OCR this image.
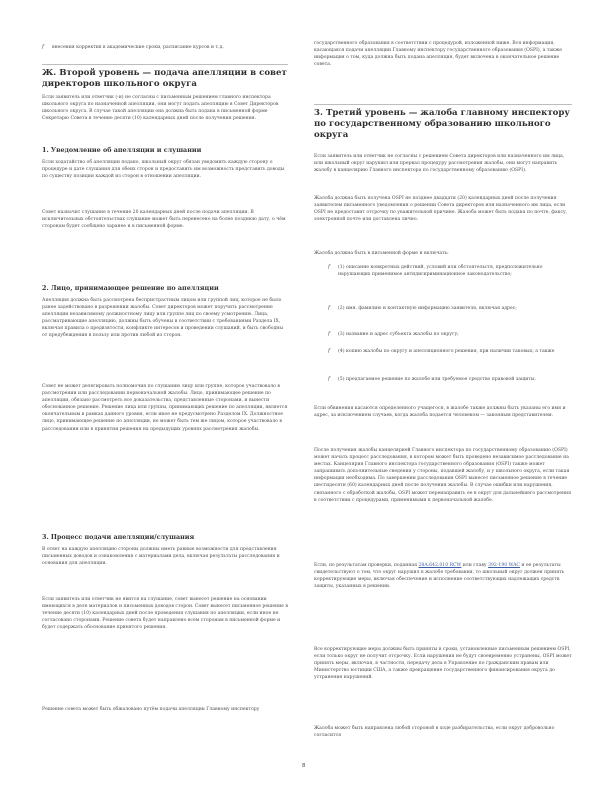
f	внесения корректив в академические сроки, расписание курсов и т.д.
Ж. Второй уровень — подача апелляции в совет директоров школьного округа

Если заявитель или ответчик (-и) не согласны с письменным решением главного инспектора школьного округа по назначенной апелляции, они могут подать апелляцию в Совет Директоров школьного округа. В случае такой апелляции она должна быть подана в письменной форме Секретарю Совета в течение десяти (10) календарных дней после получения решения.

1. Уведомление об апелляции и слушании

Если ходатайство об апелляции подано, школьный округ обязан уведомить каждую сторону о процедуре и дате слушания для обеих сторон и предоставить им возможность представить доводы по существу позиции каждой из сторон в отношении апелляции.

Совет назначит слушание в течение 20 календарных дней после подачи апелляции. В исключительных обстоятельствах слушание может быть перенесено на более позднюю дату, о чём сторонам будет сообщено заранее и в письменной форме.

2. Лицо, принимающее решение по апелляции

Апелляция должна быть рассмотрена беспристрастным лицом или группой лиц, которое не было ранее задействовано в разрешении жалобы. Совет директоров может поручить рассмотрение апелляции независимому должностному лицу или группе лиц по своему усмотрению. Лица, рассматривающие апелляцию, должны быть обучены в соответствии с требованиями Раздела IX, включая правила о предвзятости, конфликте интересов и проведении слушаний, и быть свободны от предубеждения в пользу или против любой из сторон.

Совет не может делегировать полномочия по слушанию лицу или группе, которое участвовало в рассмотрении или расследовании первоначальной жалобы. Лицо, принимающее решение по апелляции, обязано рассмотреть все доказательства, представленные сторонами, и вынести обоснованное решение. Решение лица или группы, принимающих решение по апелляции, является окончательным в рамках данного уровня, если иное не предусмотрено Разделом IX. Должностное лицо, принимающее решение по апелляции, не может быть тем же лицом, которое участвовало в расследовании или в принятии решения на предыдущих уровнях рассмотрения жалобы.

3. Процесс подачи апелляции/слушания

В ответ на каждую апелляцию стороны должны иметь равные возможности для представления письменных доводов и ознакомления с материалами дела, включая результаты расследования и основания для апелляции.

Если заявитель или ответчик не явится на слушание, совет вынесет решение на основании имеющихся в деле материалов и письменных доводов сторон. Совет вынесет письменное решение в течение десяти (10) календарных дней после проведения слушания по апелляции, если иное не согласовано сторонами. Решение совета будет направлено всем сторонам в письменной форме и будет содержать обоснование принятого решения.

Решение совета может быть обжаловано путём подачи апелляции Главному инспектору

государственного образования в соответствии с процедурой, изложенной ниже. Вся информация, касающаяся подачи апелляции Главному инспектору государственного образования (OSPI), а также информация о том, куда должна быть подана апелляция, будет включена в окончательное решение совета.

3. Третий уровень — жалоба главному инспектору по государственному образованию школьного округа

Если заявитель или ответчик не согласны с решением Совета директоров или назначенного им лица, или школьный округ нарушил или прервал процедуру рассмотрения жалобы, они могут направить жалобу в канцелярию Главного инспектора по государственному образованию (OSPI).

Жалоба должна быть получена OSPI не позднее двадцати (20) календарных дней после получения заявителем письменного уведомления о решении Совета директоров или назначенного им лица, если OSPI не предоставит отсрочку по уважительной причине. Жалоба может быть подана по почте, факсу, электронной почте или доставлена лично.

Жалоба должна быть в письменной форме и включать:

f	(1) описание конкретных действий, условий или обстоятельств, предположительно нарушающих применимое антидискриминационное законодательство;
f	(2) имя, фамилию и контактную информацию заявителя, включая адрес;
f	(3) название и адрес субъекта жалобы по округу;
f	(4) копию жалобы по округу и апелляционного решения, при наличии таковых; а также
f	(5) предлагаемое решение по жалобе или требуемое средство правовой защиты.

Если обвинения касаются определенного учащегося, в жалобе также должны быть указаны его имя и адрес, за исключением случаев, когда жалоба подается человеком — законным представителем.

После получения жалобы канцелярией Главного инспектора по государственному образованию (OSPI) может начать процесс расследования, в котором может быть проведено независимое расследование на местах. Канцелярия Главного инспектора государственного образования (OSPI) также может запрашивать дополнительные сведения у стороны, подавшей жалобу, и у школьного округа, если такая информация необходима. По завершении расследования OSPI вынесет письменное решение в течение шестидесяти (60) календарных дней после получения жалобы. В случае ошибки или нарушения, связанного с обработкой жалобы, OSPI может перенаправить ее в округ для дальнейшего рассмотрения в соответствии с процедурами, применимыми к первоначальной жалобе.

Если, по результатам проверки, поданная 28A.642.010 RCW или главу 392-190 WAC и ее результаты свидетельствуют о том, что округ нарушил в жалобе требования, то школьный округ должен принять корректирующие меры, включая обеспечение и исполнение соответствующих надлежащих средств защиты, указанных в решении.

Все корректирующие меры должны быть приняты в сроки, установленные письменным решением OSPI, если только округ не получит отсрочку. Если нарушения не будут своевременно устранены, OSPI может принять меры, включая, в частности, передачу дела в Управление по гражданским правам или Министерство юстиции США, а также прекращение государственного финансирования округа до устранения нарушений.

Жалоба может быть направлена любой стороной в ходе разбирательства, если округ добровольно согласится

8
